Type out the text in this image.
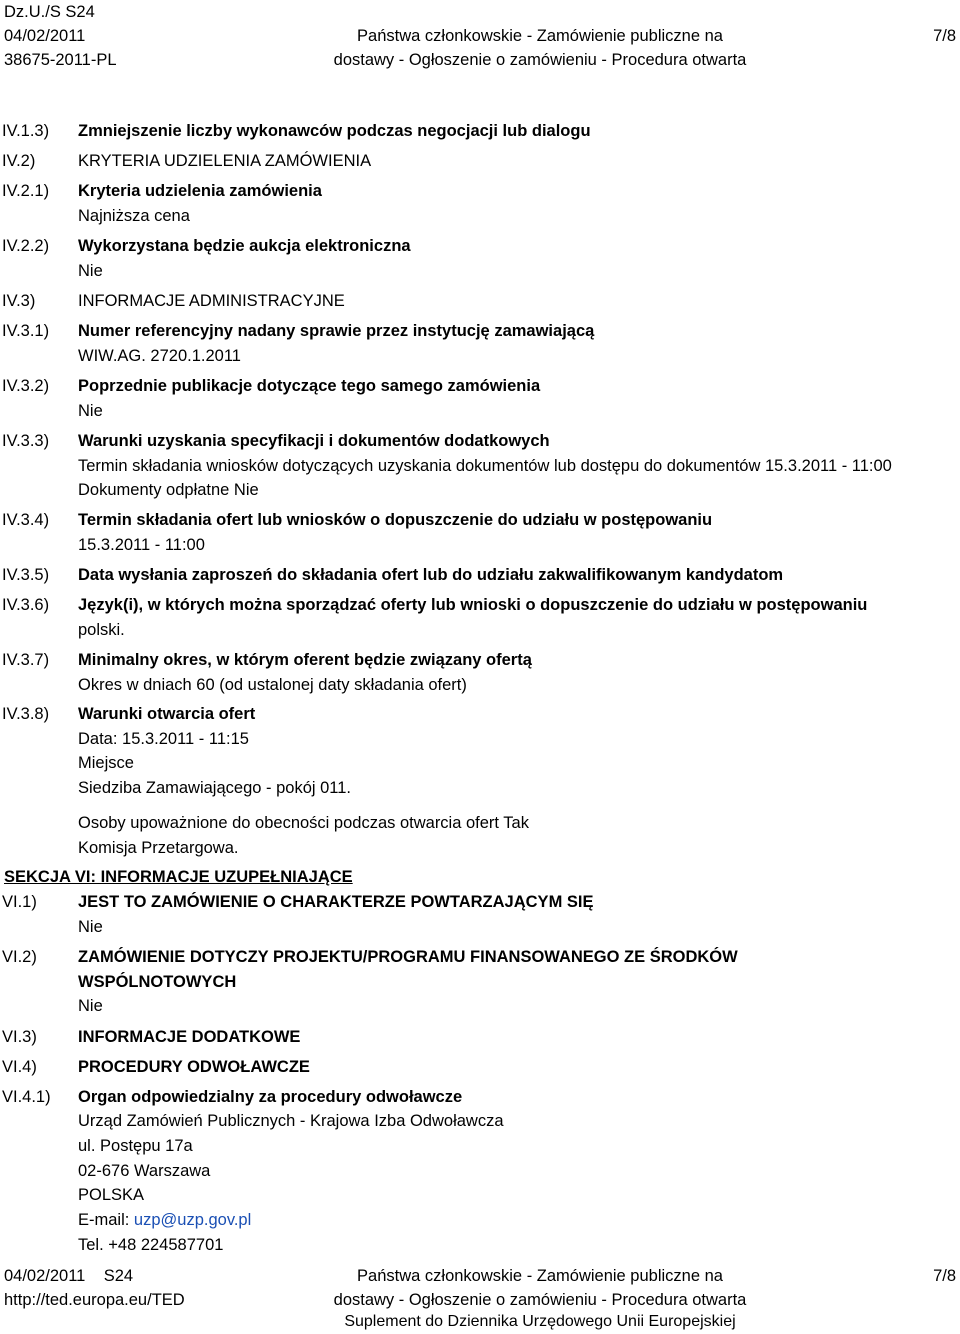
Dz.U./S S24
04/02/2011
38675-2011-PL
Państwa członkowskie - Zamówienie publiczne na
dostawy - Ogłoszenie o zamówieniu - Procedura otwarta
7/8
IV.1.3) Zmniejszenie liczby wykonawców podczas negocjacji lub dialogu
IV.2)	KRYTERIA UDZIELENIA ZAMÓWIENIA
IV.2.1) Kryteria udzielenia zamówienia
Najniższa cena
IV.2.2) Wykorzystana będzie aukcja elektroniczna
Nie
IV.3)	INFORMACJE ADMINISTRACYJNE
IV.3.1) Numer referencyjny nadany sprawie przez instytucję zamawiającą
WIW.AG. 2720.1.2011
IV.3.2) Poprzednie publikacje dotyczące tego samego zamówienia
Nie
IV.3.3) Warunki uzyskania specyfikacji i dokumentów dodatkowych
Termin składania wniosków dotyczących uzyskania dokumentów lub dostępu do dokumentów 15.3.2011 - 11:00
Dokumenty odpłatne Nie
IV.3.4) Termin składania ofert lub wniosków o dopuszczenie do udziału w postępowaniu
15.3.2011 - 11:00
IV.3.5) Data wysłania zaproszeń do składania ofert lub do udziału zakwalifikowanym kandydatom
IV.3.6) Język(i), w których można sporządzać oferty lub wnioski o dopuszczenie do udziału w postępowaniu
polski.
IV.3.7) Minimalny okres, w którym oferent będzie związany ofertą
Okres w dniach 60 (od ustalonej daty składania ofert)
IV.3.8) Warunki otwarcia ofert
Data: 15.3.2011 - 11:15
Miejsce
Siedziba Zamawiającego - pokój 011.
Osoby upoważnione do obecności podczas otwarcia ofert Tak
Komisja Przetargowa.
SEKCJA VI: INFORMACJE UZUPEŁNIAJĄCE
VI.1) JEST TO ZAMÓWIENIE O CHARAKTERZE POWTARZAJĄCYM SIĘ
Nie
VI.2) ZAMÓWIENIE DOTYCZY PROJEKTU/PROGRAMU FINANSOWANEGO ZE ŚRODKÓW
WSPÓLNOTOWYCH
Nie
VI.3) INFORMACJE DODATKOWE
VI.4) PROCEDURY ODWOŁAWCZE
VI.4.1) Organ odpowiedzialny za procedury odwoławcze
Urząd Zamówień Publicznych - Krajowa Izba Odwoławcza
ul. Postępu 17a
02-676 Warszawa
POLSKA
E-mail: uzp@uzp.gov.pl
Tel. +48 224587701
04/02/2011    S24
http://ted.europa.eu/TED
Państwa członkowskie - Zamówienie publiczne na
dostawy - Ogłoszenie o zamówieniu - Procedura otwarta
Suplement do Dziennika Urzędowego Unii Europejskiej
7/8
